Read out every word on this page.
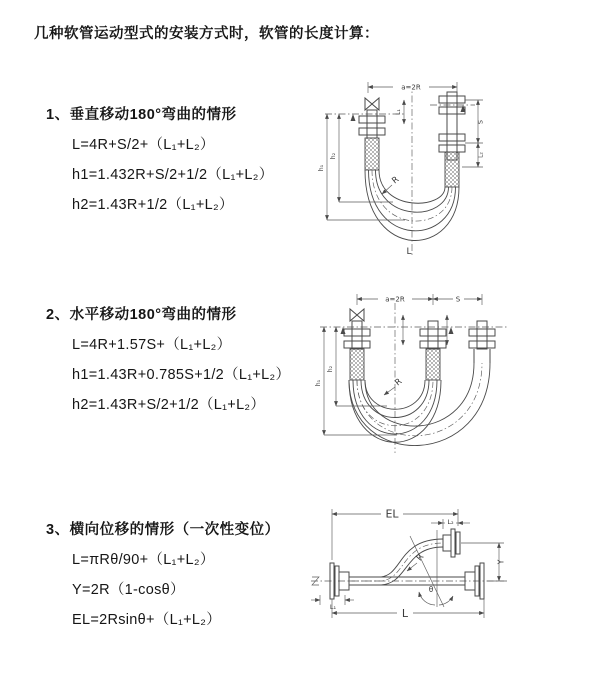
几种软管运动型式的安装方式时，软管的长度计算：
1、垂直移动180°弯曲的情形
L=4R+S/2+（L₁+L₂）
h1=1.432R+S/2+1/2（L₁+L₂）
h2=1.43R+1/2（L₁+L₂）
2、水平移动180°弯曲的情形
L=4R+1.57S+（L₁+L₂）
h1=1.43R+0.785S+1/2（L₁+L₂）
h2=1.43R+S/2+1/2（L₁+L₂）
3、横向位移的情形（一次性变位）
L=πRθ/90+（L₁+L₂）
Y=2R（1-cosθ）
EL=2Rsinθ+（L₁+L₂）
a=2R
S
L₂
L₁
h₁
h₂
R
L
a=2R	S
h₁
h₂
R
EL
L₂
Y
L
L₁
θ
R
